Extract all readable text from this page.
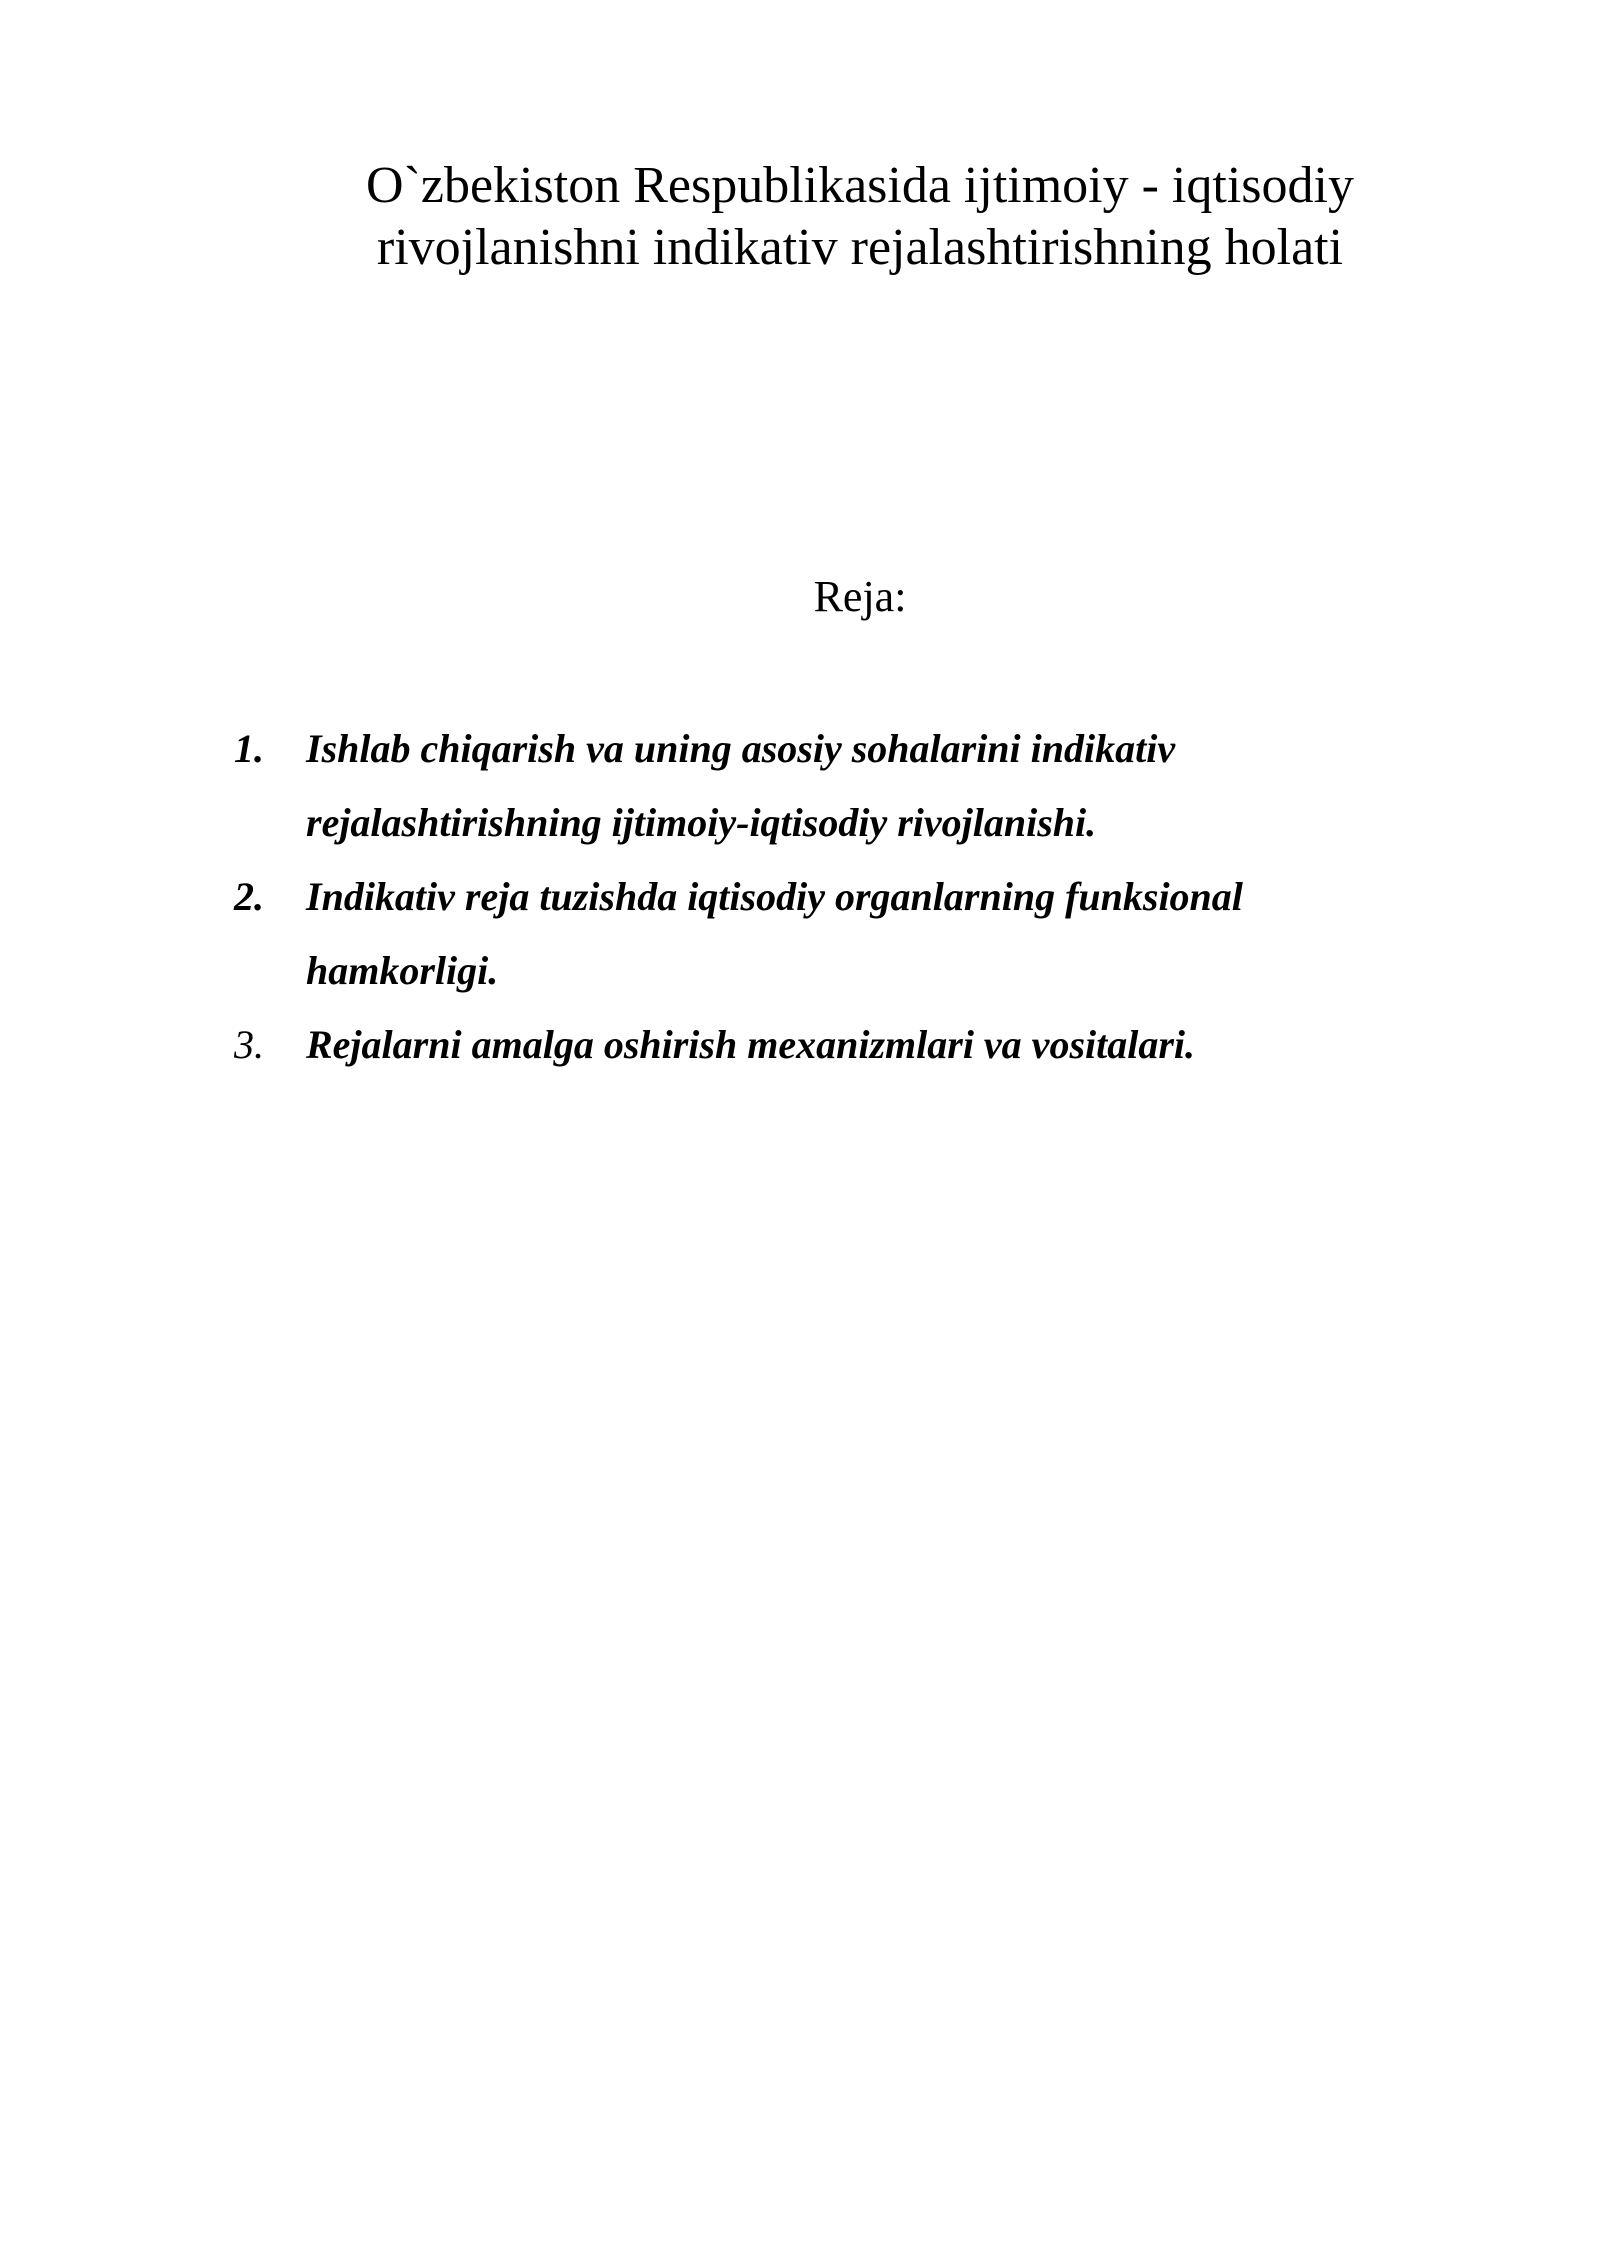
O`zbekiston Respublikasida ijtimoiy - iqtisodiy
rivojlanishni indikativ rejalashtirishning holati
Reja:
1. Ishlab chiqarish va uning asosiy sohalarini indikativ
rejalashtirishning ijtimoiy-iqtisodiy rivojlanishi.
2. Indikativ reja tuzishda iqtisodiy organlarning funksional
hamkorligi.
3. Rejalarni amalga oshirish mexanizmlari va vositalari.
